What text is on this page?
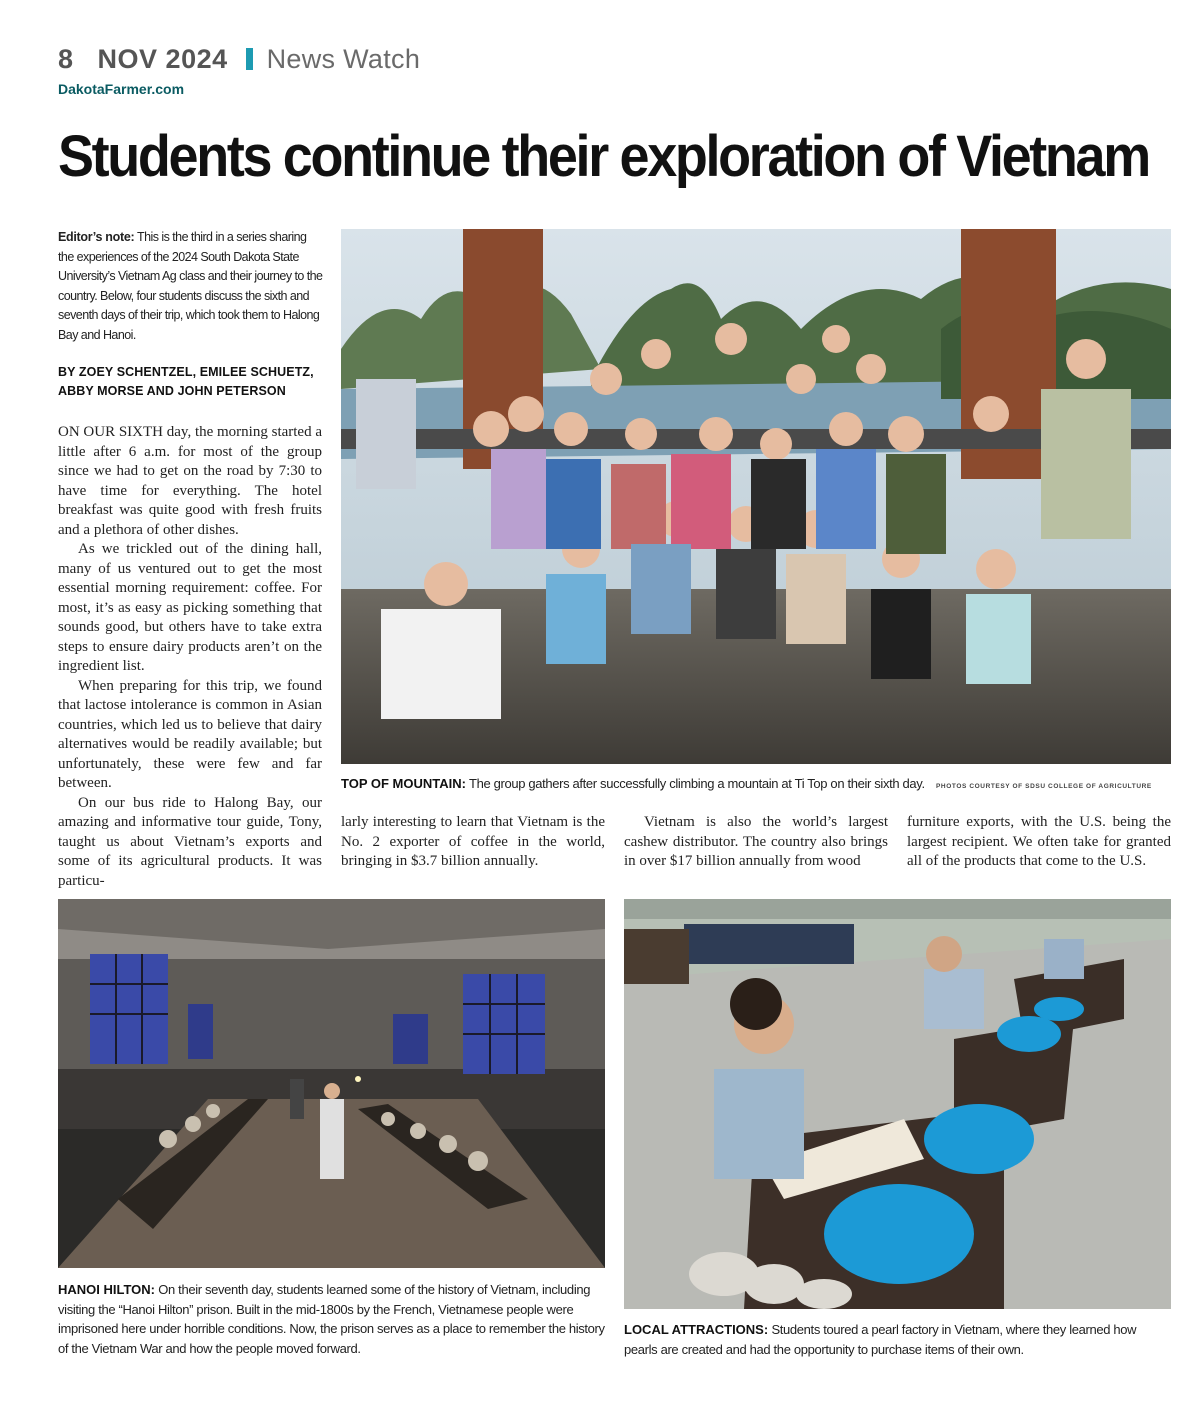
8 NOV 2024 News Watch
DakotaFarmer.com
Students continue their exploration of Vietnam
Editor’s note: This is the third in a series sharing the experiences of the 2024 South Dakota State University’s Vietnam Ag class and their journey to the country. Below, four students discuss the sixth and seventh days of their trip, which took them to Halong Bay and Hanoi.
BY ZOEY SCHENTZEL, EMILEE SCHUETZ,
ABBY MORSE AND JOHN PETERSON

ON OUR SIXTH day, the morning started a little after 6 a.m. for most of the group since we had to get on the road by 7:30 to have time for everything. The hotel breakfast was quite good with fresh fruits and a plethora of other dishes.

As we trickled out of the dining hall, many of us ventured out to get the most essential morning requirement: coffee. For most, it’s as easy as picking something that sounds good, but others have to take extra steps to ensure dairy products aren’t on the ingredient list.

When preparing for this trip, we found that lactose intolerance is common in Asian countries, which led us to believe that dairy alternatives would be readily available; but unfortunately, these were few and far between.

On our bus ride to Halong Bay, our amazing and informative tour guide, Tony, taught us about Vietnam’s exports and some of its agricultural products. It was particu-

TOP OF MOUNTAIN: The group gathers after successfully climbing a mountain at Ti Top on their sixth day. PHOTOS COURTESY OF SDSU COLLEGE OF AGRICULTURE

larly interesting to learn that Vietnam is the No. 2 exporter of coffee in the world, bringing in $3.7 billion annually.

Vietnam is also the world’s largest cashew distributor. The country also brings in over $17 billion annually from wood

furniture exports, with the U.S. being the largest recipient. We often take for granted all of the products that come to the U.S.

HANOI HILTON: On their seventh day, students learned some of the history of Vietnam, including visiting the “Hanoi Hilton” prison. Built in the mid-1800s by the French, Vietnamese people were imprisoned here under horrible conditions. Now, the prison serves as a place to remember the history of the Vietnam War and how the people moved forward.
LOCAL ATTRACTIONS: Students toured a pearl factory in Vietnam, where they learned how pearls are created and had the opportunity to purchase items of their own.
